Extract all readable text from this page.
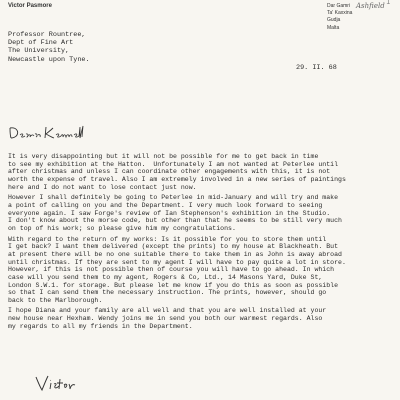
Victor Pasmore	1
Dar Gamri
Ta' Kaxxina
Gudja
Malta
Ashfield
Professor Rountree,
Dept of Fine Art
The University,
Newcastle upon Tyne.
29. II. 68
It is very disappointing but it will not be possible for me to get back in time
to see my exhibition at the Hatton.  Unfortunately I am not wanted at Peterlee until
after christmas and unless I can coordinate other engagements with this, it is not
worth the expense of travel. Also I am extremely involved in a new series of paintings
here and I do not want to lose contact just now.
However I shall definitely be going to Peterlee in mid-January and will try and make
a point of calling on you and the Department. I very much look forward to seeing
everyone again. I saw Forge's review of Ian Stephenson's exhibition in the Studio.
I don't know about the morse code, but other than that he seems to be still very much
on top of his work; so please give him my congratulations.
With regard to the return of my works: Is it possible for you to store them until
I get back? I want them delivered (except the prints) to my house at Blackheath. But
at present there will be no one suitable there to take them in as John is away abroad
until christmas. If they are sent to my agent I will have to pay quite a lot in store.
However, if this is not possible then of course you will have to go ahead. In which
case will you send them to my agent, Rogers & Co, Ltd., 14 Masons Yard, Duke St,
London S.W.1. for storage. But please let me know if you do this as soon as possible
so that I can send them the necessary instruction. The prints, however, should go
back to the Marlborough.
I hope Diana and your family are all well and that you are well installed at your
new house near Hexham. Wendy joins me in send you both our warmest regards. Also
my regards to all my friends in the Department.
